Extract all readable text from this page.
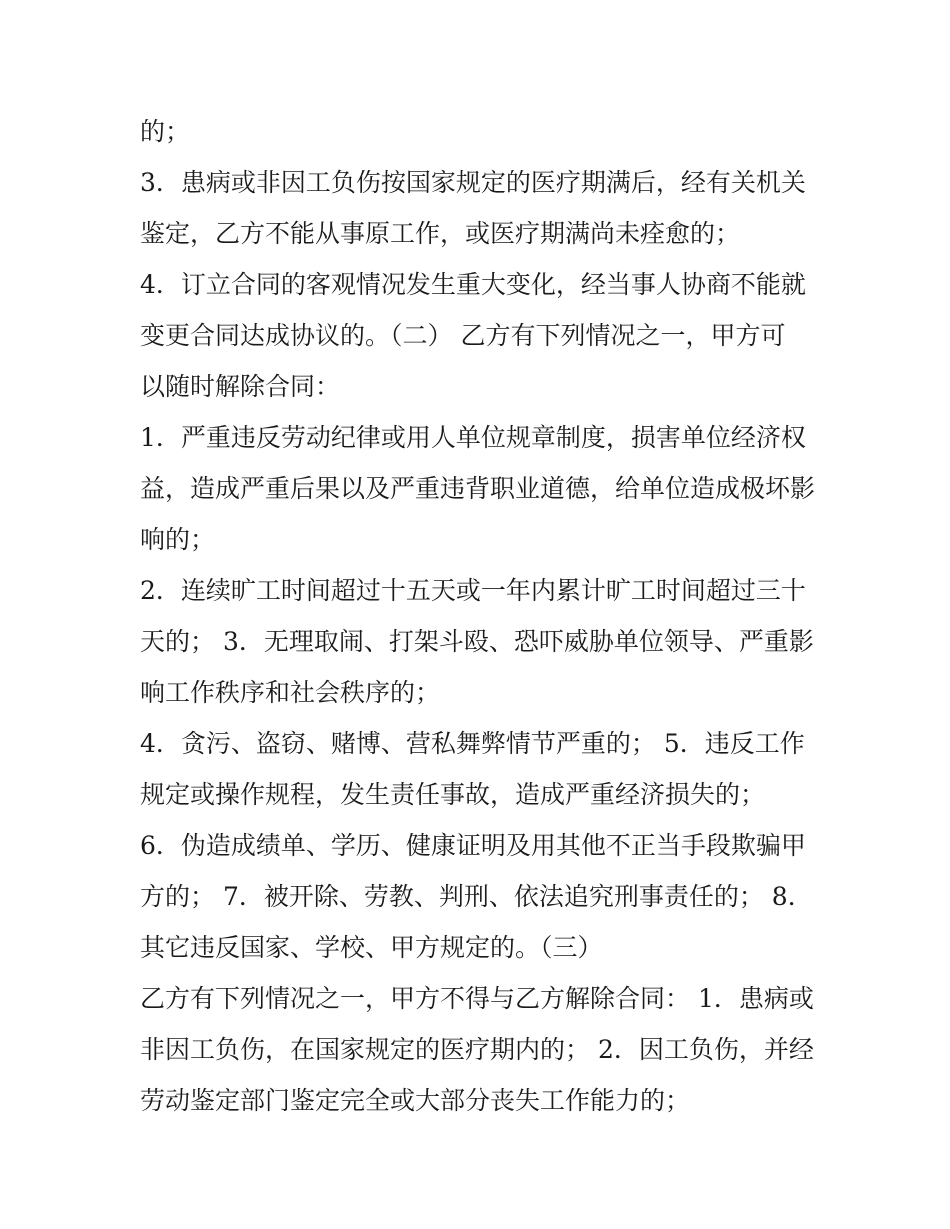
的；
3．患病或非因工负伤按国家规定的医疗期满后，经有关机关
鉴定，乙方不能从事原工作，或医疗期满尚未痊愈的；
4．订立合同的客观情况发生重大变化，经当事人协商不能就
变更合同达成协议的。（二） 乙方有下列情况之一，甲方可
以随时解除合同：
1．严重违反劳动纪律或用人单位规章制度，损害单位经济权
益，造成严重后果以及严重违背职业道德，给单位造成极坏影
响的；
2．连续旷工时间超过十五天或一年内累计旷工时间超过三十
天的； 3．无理取闹、打架斗殴、恐吓威胁单位领导、严重影
响工作秩序和社会秩序的；
4．贪污、盗窃、赌博、营私舞弊情节严重的； 5．违反工作
规定或操作规程，发生责任事故，造成严重经济损失的；
6．伪造成绩单、学历、健康证明及用其他不正当手段欺骗甲
方的； 7．被开除、劳教、判刑、依法追究刑事责任的； 8．
其它违反国家、学校、甲方规定的。（三）
乙方有下列情况之一，甲方不得与乙方解除合同： 1．患病或
非因工负伤，在国家规定的医疗期内的； 2．因工负伤，并经
劳动鉴定部门鉴定完全或大部分丧失工作能力的；
